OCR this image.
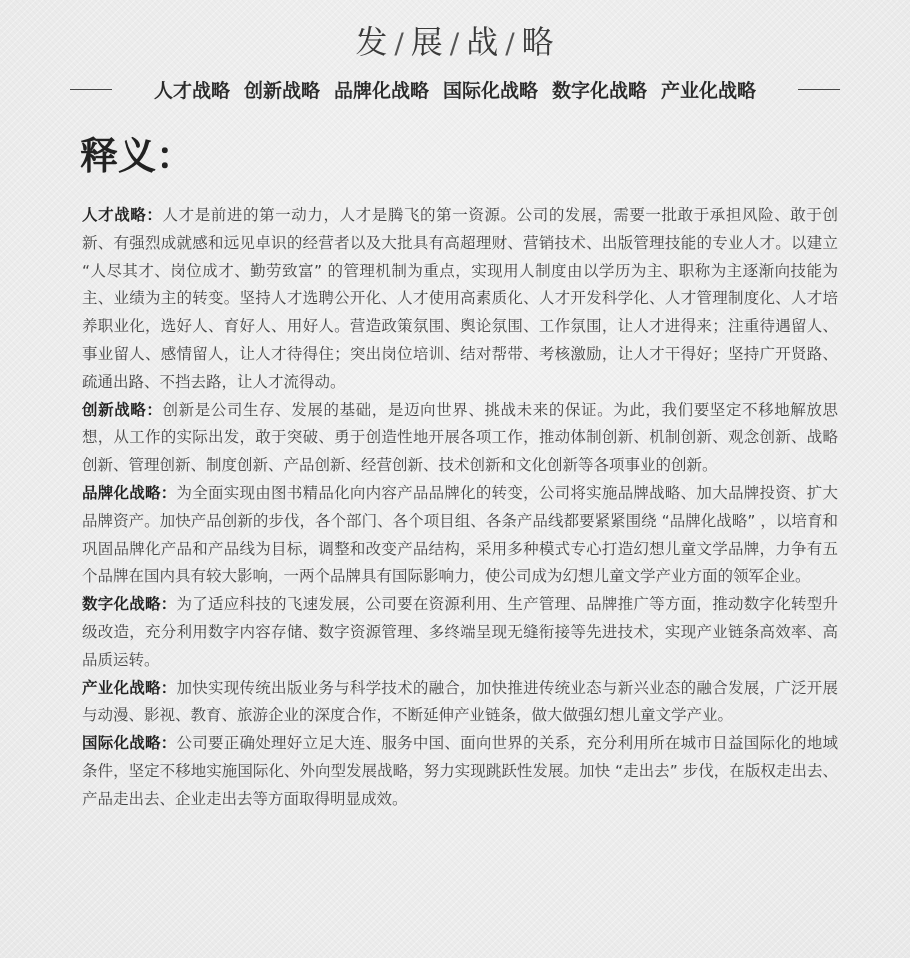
发 / 展 / 战 / 略
人才战略 创新战略 品牌化战略 国际化战略 数字化战略 产业化战略
释义：

人才战略：人才是前进的第一动力，人才是腾飞的第一资源。公司的发展，需要一批敢于承担风险、敢于创新、有强烈成就感和远见卓识的经营者以及大批具有高超理财、营销技术、出版管理技能的专业人才。以建立 “人尽其才、岗位成才、勤劳致富” 的管理机制为重点，实现用人制度由以学历为主、职称为主逐渐向技能为主、业绩为主的转变。坚持人才选聘公开化、人才使用高素质化、人才开发科学化、人才管理制度化、人才培养职业化，选好人、育好人、用好人。营造政策氛围、舆论氛围、工作氛围，让人才进得来；注重待遇留人、事业留人、感情留人，让人才待得住；突出岗位培训、结对帮带、考核激励，让人才干得好；坚持广开贤路、疏通出路、不挡去路，让人才流得动。

创新战略：创新是公司生存、发展的基础，是迈向世界、挑战未来的保证。为此，我们要坚定不移地解放思想，从工作的实际出发，敢于突破、勇于创造性地开展各项工作，推动体制创新、机制创新、观念创新、战略创新、管理创新、制度创新、产品创新、经营创新、技术创新和文化创新等各项事业的创新。

品牌化战略：为全面实现由图书精品化向内容产品品牌化的转变，公司将实施品牌战略、加大品牌投资、扩大品牌资产。加快产品创新的步伐，各个部门、各个项目组、各条产品线都要紧紧围绕 “品牌化战略” ，以培育和巩固品牌化产品和产品线为目标，调整和改变产品结构，采用多种模式专心打造幻想儿童文学品牌，力争有五个品牌在国内具有较大影响，一两个品牌具有国际影响力，使公司成为幻想儿童文学产业方面的领军企业。

数字化战略：为了适应科技的飞速发展，公司要在资源利用、生产管理、品牌推广等方面，推动数字化转型升级改造，充分利用数字内容存储、数字资源管理、多终端呈现无缝衔接等先进技术，实现产业链条高效率、高品质运转。

产业化战略：加快实现传统出版业务与科学技术的融合，加快推进传统业态与新兴业态的融合发展，广泛开展与动漫、影视、教育、旅游企业的深度合作，不断延伸产业链条，做大做强幻想儿童文学产业。

国际化战略：公司要正确处理好立足大连、服务中国、面向世界的关系，充分利用所在城市日益国际化的地域条件，坚定不移地实施国际化、外向型发展战略，努力实现跳跃性发展。加快 “走出去” 步伐，在版权走出去、产品走出去、企业走出去等方面取得明显成效。
